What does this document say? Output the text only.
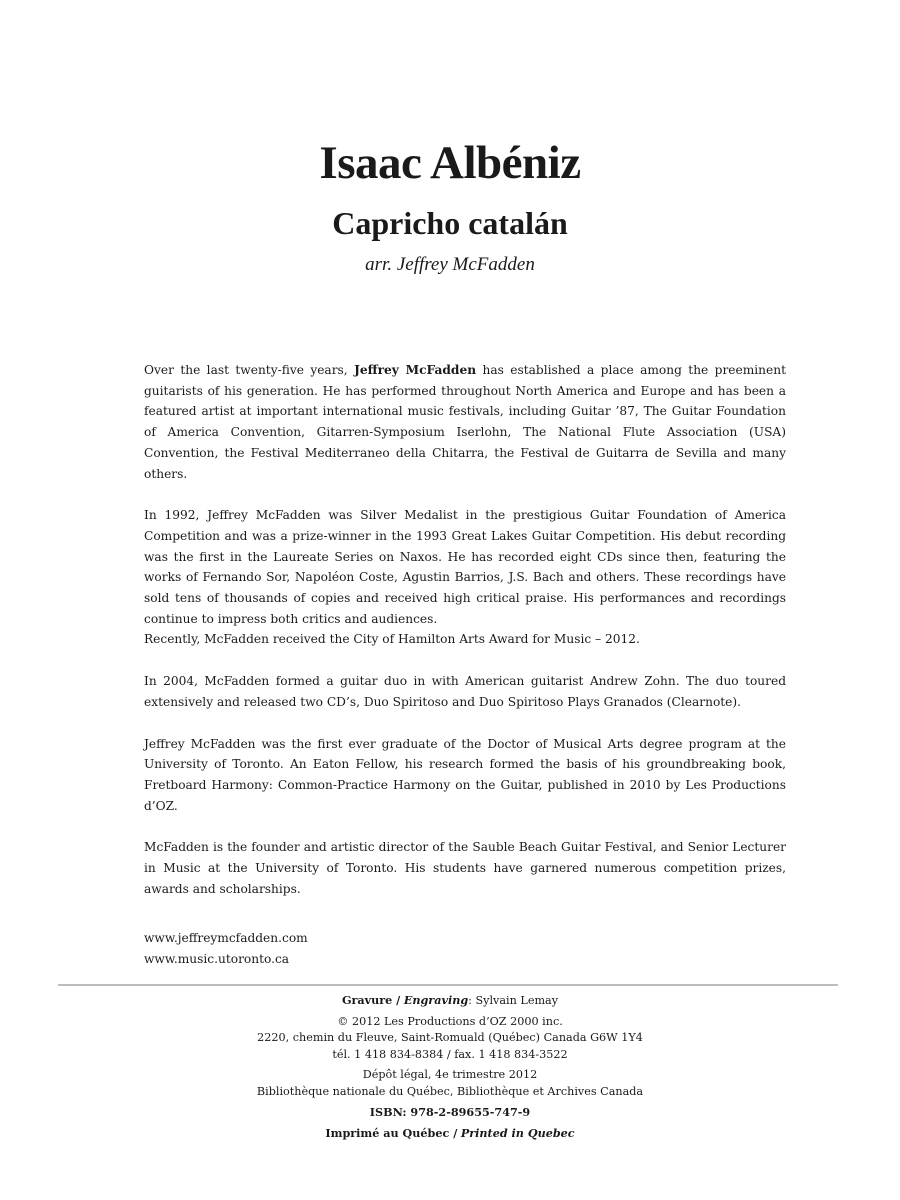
Isaac Albéniz
Capricho catalán
arr. Jeffrey McFadden

Over the last twenty-five years, Jeffrey McFadden has established a place among the preeminent guitarists of his generation. He has performed throughout North America and Europe and has been a featured artist at important international music festivals, including Guitar ’87, The Guitar Foundation of America Convention, Gitarren-Symposium Iserlohn, The National Flute Association (USA) Convention, the Festival Mediterraneo della Chitarra, the Festival de Guitarra de Sevilla and many others.

In 1992, Jeffrey McFadden was Silver Medalist in the prestigious Guitar Foundation of America Competition and was a prize-winner in the 1993 Great Lakes Guitar Competition. His debut recording was the first in the Laureate Series on Naxos. He has recorded eight CDs since then, featuring the works of Fernando Sor, Napoléon Coste, Agustin Barrios, J.S. Bach and others. These recordings have sold tens of thousands of copies and received high critical praise. His performances and recordings continue to impress both critics and audiences.

Recently, McFadden received the City of Hamilton Arts Award for Music – 2012.

In 2004, McFadden formed a guitar duo in with American guitarist Andrew Zohn. The duo toured extensively and released two CD’s, Duo Spiritoso and Duo Spiritoso Plays Granados (Clearnote).

Jeffrey McFadden was the first ever graduate of the Doctor of Musical Arts degree program at the University of Toronto. An Eaton Fellow, his research formed the basis of his groundbreaking book, Fretboard Harmony: Common-Practice Harmony on the Guitar, published in 2010 by Les Productions d’OZ.

McFadden is the founder and artistic director of the Sauble Beach Guitar Festival, and Senior Lecturer in Music at the University of Toronto. His students have garnered numerous competition prizes, awards and scholarships.

www.jeffreymcfadden.com
www.music.utoronto.ca
Gravure / Engraving: Sylvain Lemay
© 2012 Les Productions d’OZ 2000 inc.
2220, chemin du Fleuve, Saint-Romuald (Québec) Canada G6W 1Y4
tél. 1 418 834-8384 / fax. 1 418 834-3522
Dépôt légal, 4e trimestre 2012
Bibliothèque nationale du Québec, Bibliothèque et Archives Canada
ISBN: 978-2-89655-747-9
Imprimé au Québec / Printed in Quebec
